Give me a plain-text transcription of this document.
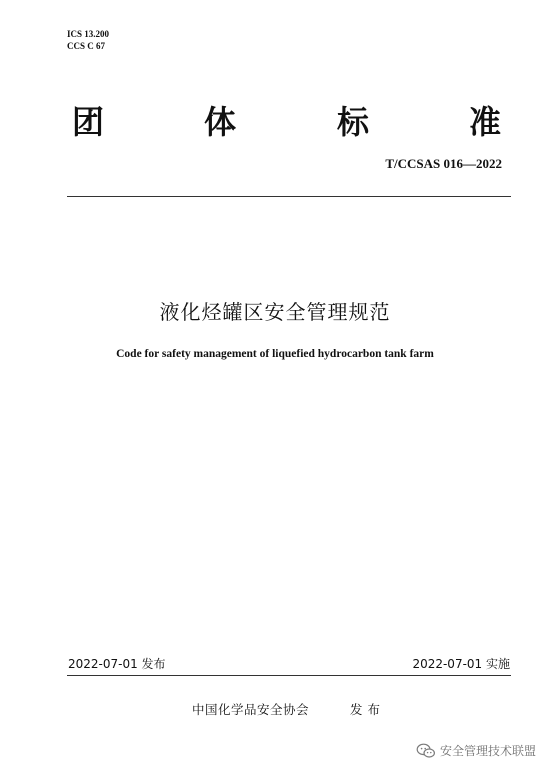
ICS 13.200
CCS C 67
团	体	标	准
T/CCSAS 016—2022
液化烃罐区安全管理规范
Code for safety management of liquefied hydrocarbon tank farm
2022-07-01 发布	2022-07-01 实施
中国化学品安全协会	发布
安全管理技术联盟
